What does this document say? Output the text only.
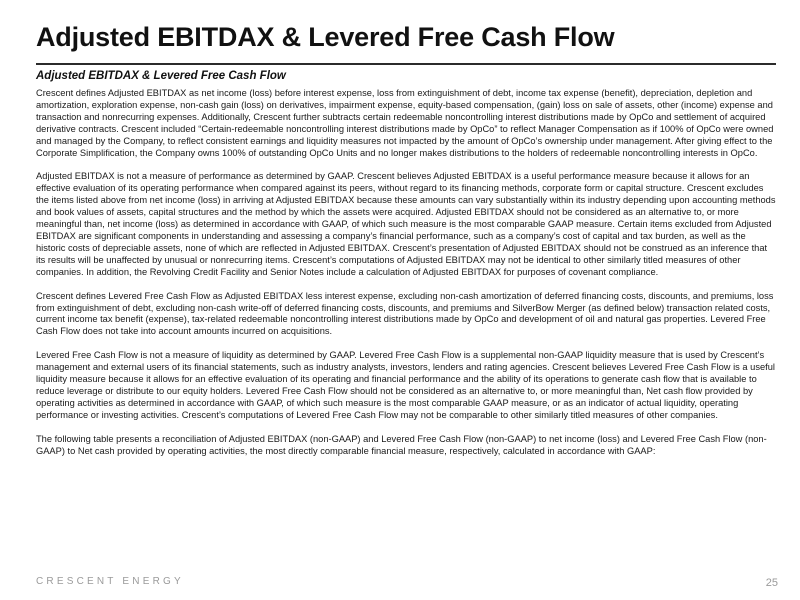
Adjusted EBITDAX & Levered Free Cash Flow
Adjusted EBITDAX & Levered Free Cash Flow

Crescent defines Adjusted EBITDAX as net income (loss) before interest expense, loss from extinguishment of debt, income tax expense (benefit), depreciation, depletion and amortization, exploration expense, non-cash gain (loss) on derivatives, impairment expense, equity-based compensation, (gain) loss on sale of assets, other (income) expense and transaction and nonrecurring expenses. Additionally, Crescent further subtracts certain redeemable noncontrolling interest distributions made by OpCo and settlement of acquired derivative contracts. Crescent included “Certain-redeemable noncontrolling interest distributions made by OpCo” to reflect Manager Compensation as if 100% of OpCo were owned and managed by the Company, to reflect consistent earnings and liquidity measures not impacted by the amount of OpCo’s ownership under management. After giving effect to the Corporate Simplification, the Company owns 100% of outstanding OpCo Units and no longer makes distributions to the holders of redeemable noncontrolling interests in OpCo.

Adjusted EBITDAX is not a measure of performance as determined by GAAP. Crescent believes Adjusted EBITDAX is a useful performance measure because it allows for an effective evaluation of its operating performance when compared against its peers, without regard to its financing methods, corporate form or capital structure. Crescent excludes the items listed above from net income (loss) in arriving at Adjusted EBITDAX because these amounts can vary substantially within its industry depending upon accounting methods and book values of assets, capital structures and the method by which the assets were acquired. Adjusted EBITDAX should not be considered as an alternative to, or more meaningful than, net income (loss) as determined in accordance with GAAP, of which such measure is the most comparable GAAP measure. Certain items excluded from Adjusted EBITDAX are significant components in understanding and assessing a company’s financial performance, such as a company’s cost of capital and tax burden, as well as the historic costs of depreciable assets, none of which are reflected in Adjusted EBITDAX. Crescent’s presentation of Adjusted EBITDAX should not be construed as an inference that its results will be unaffected by unusual or nonrecurring items. Crescent’s computations of Adjusted EBITDAX may not be identical to other similarly titled measures of other companies. In addition, the Revolving Credit Facility and Senior Notes include a calculation of Adjusted EBITDAX for purposes of covenant compliance.

Crescent defines Levered Free Cash Flow as Adjusted EBITDAX less interest expense, excluding non-cash amortization of deferred financing costs, discounts, and premiums, loss from extinguishment of debt, excluding non-cash write-off of deferred financing costs, discounts, and premiums and SilverBow Merger (as defined below) transaction related costs, current income tax benefit (expense), tax-related redeemable noncontrolling interest distributions made by OpCo and development of oil and natural gas properties. Levered Free Cash Flow does not take into account amounts incurred on acquisitions.

Levered Free Cash Flow is not a measure of liquidity as determined by GAAP. Levered Free Cash Flow is a supplemental non-GAAP liquidity measure that is used by Crescent’s management and external users of its financial statements, such as industry analysts, investors, lenders and rating agencies. Crescent believes Levered Free Cash Flow is a useful liquidity measure because it allows for an effective evaluation of its operating and financial performance and the ability of its operations to generate cash flow that is available to reduce leverage or distribute to our equity holders. Levered Free Cash Flow should not be considered as an alternative to, or more meaningful than, Net cash flow provided by operating activities as determined in accordance with GAAP, of which such measure is the most comparable GAAP measure, or as an indicator of actual liquidity, operating performance or investing activities. Crescent’s computations of Levered Free Cash Flow may not be comparable to other similarly titled measures of other companies.

The following table presents a reconciliation of Adjusted EBITDAX (non-GAAP) and Levered Free Cash Flow (non-GAAP) to net income (loss) and Levered Free Cash Flow (non-GAAP) to Net cash provided by operating activities, the most directly comparable financial measure, respectively, calculated in accordance with GAAP:

CRESCENT ENERGY	25
